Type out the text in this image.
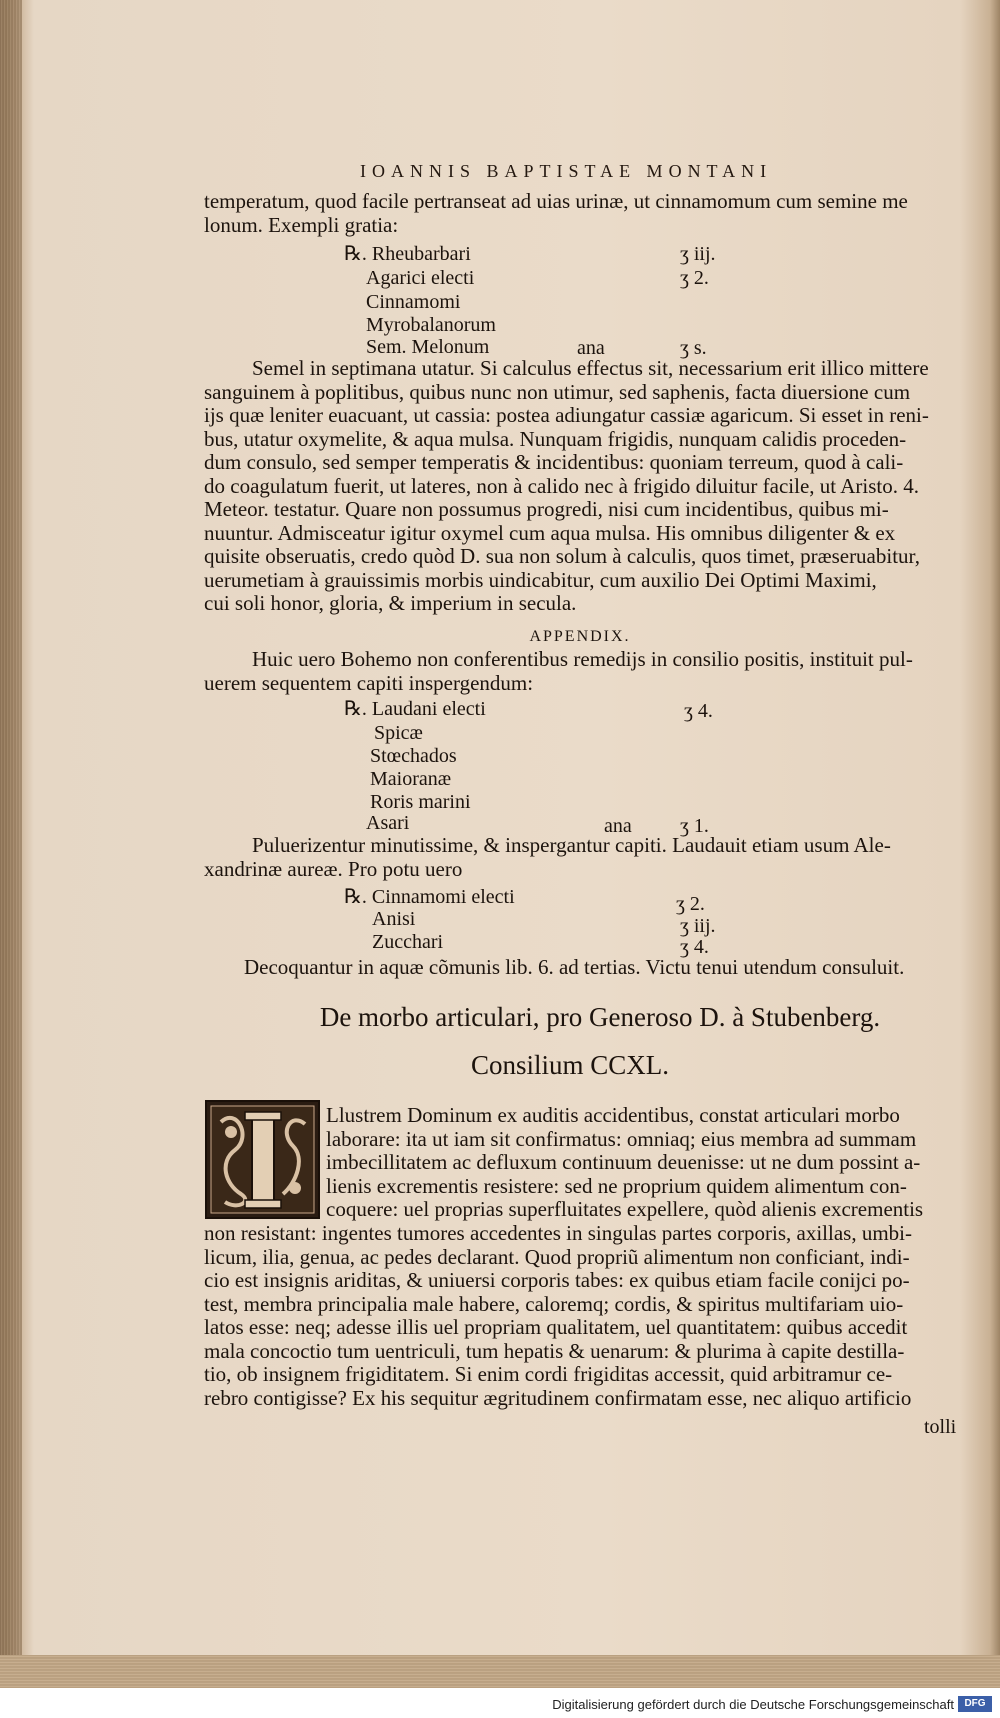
IOANNIS BAPTISTAE MONTANI

temperatum, quod facile pertranseat ad uias urinæ, ut cinnamomum cum semine me

lonum. Exempli gratia:

℞. Rheubarbari	ʒ iij.
Agarici electi	ʒ 2.
Cinnamomi
Myrobalanorum
Sem. Melonum	ana	ʒ s.

Semel in septimana utatur. Si calculus effectus sit, necessarium erit illico mittere

sanguinem à poplitibus, quibus nunc non utimur, sed saphenis, facta diuersione cum

ijs quæ leniter euacuant, ut cassia: postea adiungatur cassiæ agaricum. Si esset in reni-

bus, utatur oxymelite, & aqua mulsa. Nunquam frigidis, nunquam calidis proceden-

dum consulo, sed semper temperatis & incidentibus: quoniam terreum, quod à cali-

do coagulatum fuerit, ut lateres, non à calido nec à frigido diluitur facile, ut Aristo. 4.

Meteor. testatur. Quare non possumus progredi, nisi cum incidentibus, quibus mi-

nuuntur. Admisceatur igitur oxymel cum aqua mulsa. His omnibus diligenter & ex

quisite obseruatis, credo quòd D. sua non solum à calculis, quos timet, præseruabitur,

uerumetiam à grauissimis morbis uindicabitur, cum auxilio Dei Optimi Maximi,

cui soli honor, gloria, & imperium in secula.

APPENDIX.

Huic uero Bohemo non conferentibus remedijs in consilio positis, instituit pul-

uerem sequentem capiti inspergendum:

℞. Laudani electi	ʒ 4.
Spicæ
Stœchados
Maioranæ
Roris marini
Asari	ana ʒ 1.

Puluerizentur minutissime, & inspergantur capiti. Laudauit etiam usum Ale-

xandrinæ aureæ. Pro potu uero

℞. Cinnamomi electi	ʒ 2.
Anisi	ʒ iij.
Zucchari	ʒ 4.

Decoquantur in aquæ cõmunis lib. 6. ad tertias. Victu tenui utendum consuluit.

De morbo articulari, pro Generoso D. à Stubenberg.
Consilium CCXL.

Llustrem Dominum ex auditis accidentibus, constat articulari morbo

laborare: ita ut iam sit confirmatus: omniaq; eius membra ad summam

imbecillitatem ac defluxum continuum deuenisse: ut ne dum possint a-

lienis excrementis resistere: sed ne proprium quidem alimentum con-

coquere: uel proprias superfluitates expellere, quòd alienis excrementis

non resistant: ingentes tumores accedentes in singulas partes corporis, axillas, umbi-

licum, ilia, genua, ac pedes declarant. Quod propriũ alimentum non conficiant, indi-

cio est insignis ariditas, & uniuersi corporis tabes: ex quibus etiam facile conijci po-

test, membra principalia male habere, caloremq; cordis, & spiritus multifariam uio-

latos esse: neq; adesse illis uel propriam qualitatem, uel quantitatem: quibus accedit

mala concoctio tum uentriculi, tum hepatis & uenarum: & plurima à capite destilla-

tio, ob insignem frigiditatem. Si enim cordi frigiditas accessit, quid arbitramur ce-

rebro contigisse? Ex his sequitur ægritudinem confirmatam esse, nec aliquo artificio

tolli
Digitalisierung gefördert durch die Deutsche Forschungsgemeinschaft	DFG
